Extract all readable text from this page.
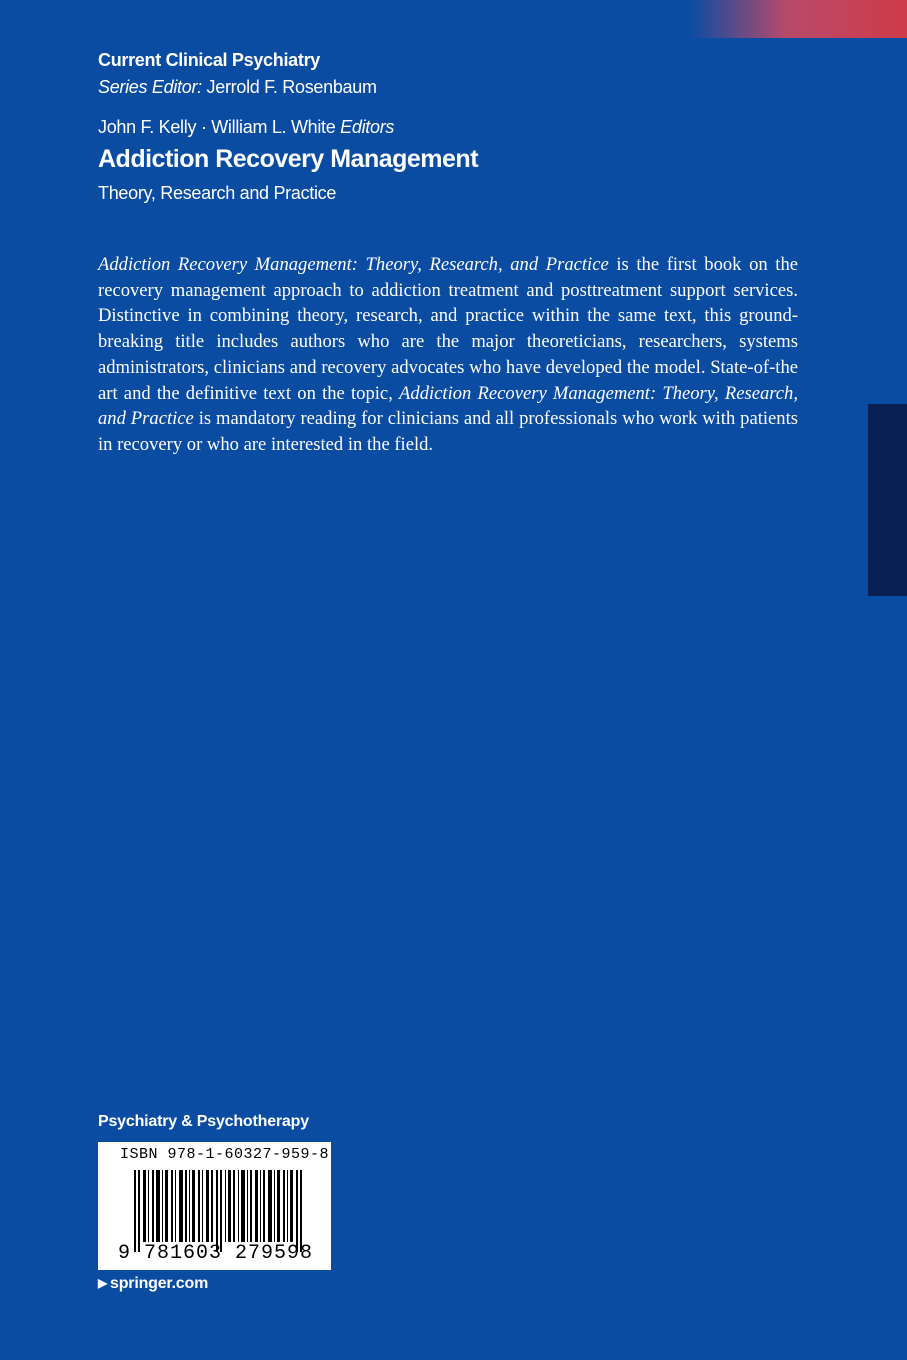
Current Clinical Psychiatry
Series Editor: Jerrold F. Rosenbaum
John F. Kelly · William L. White Editors
Addiction Recovery Management
Theory, Research and Practice
Addiction Recovery Management: Theory, Research, and Practice is the first book on the recovery management approach to addiction treatment and posttreatment support services. Distinctive in combining theory, research, and practice within the same text, this ground-breaking title includes authors who are the major theoreticians, researchers, systems administrators, clinicians and recovery advocates who have developed the model. State-of-the art and the definitive text on the topic, Addiction Recovery Management: Theory, Research, and Practice is mandatory reading for clinicians and all professionals who work with patients in recovery or who are interested in the field.
Psychiatry & Psychotherapy
ISBN 978-1-60327-959-8
9 781603 279598
▶ springer.com
